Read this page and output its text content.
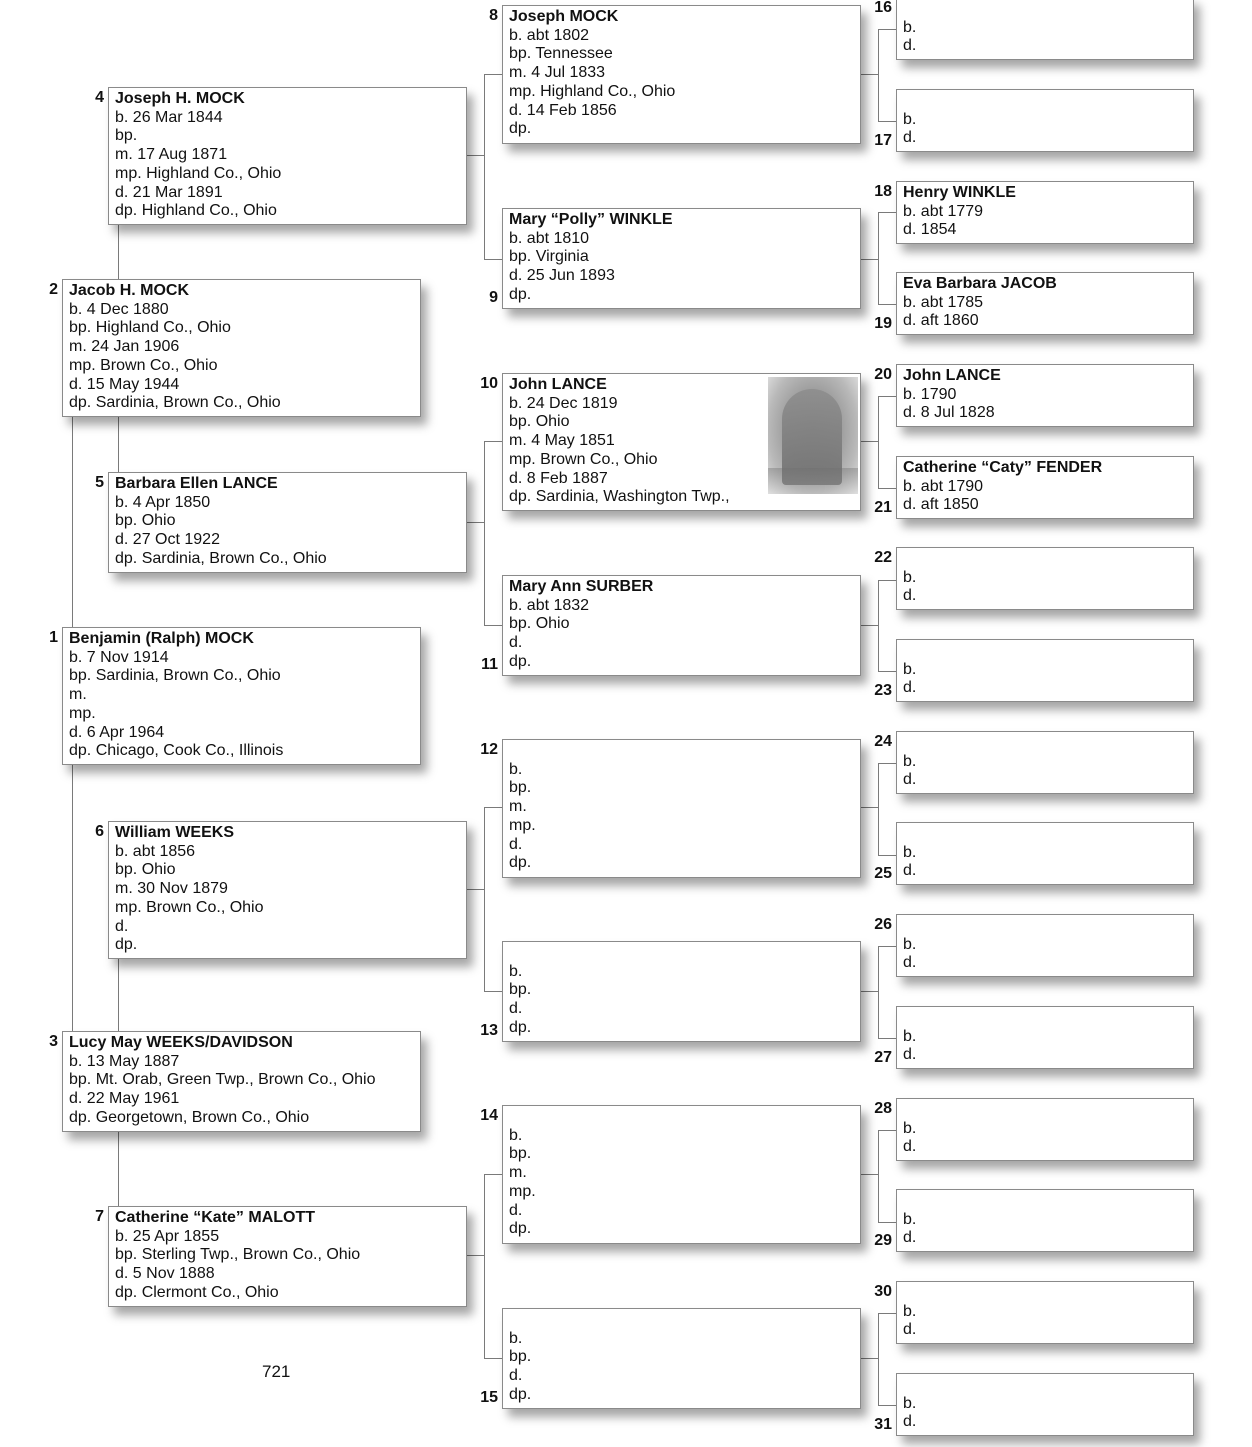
Benjamin (Ralph) MOCK
b. 7 Nov 1914
bp. Sardinia, Brown Co., Ohio
m.
mp.
d. 6 Apr 1964
dp. Chicago, Cook Co., Illinois
1
Jacob H. MOCK
b. 4 Dec 1880
bp. Highland Co., Ohio
m. 24 Jan 1906
mp. Brown Co., Ohio
d. 15 May 1944
dp. Sardinia, Brown Co., Ohio
2
Lucy May WEEKS/DAVIDSON
b. 13 May 1887
bp. Mt. Orab, Green Twp., Brown Co., Ohio
d. 22 May 1961
dp. Georgetown, Brown Co., Ohio
3
Joseph H. MOCK
b. 26 Mar 1844
bp.
m. 17 Aug 1871
mp. Highland Co., Ohio
d. 21 Mar 1891
dp. Highland Co., Ohio
4
Barbara Ellen LANCE
b. 4 Apr 1850
bp. Ohio
d. 27 Oct 1922
dp. Sardinia, Brown Co., Ohio
5
William WEEKS
b. abt 1856
bp. Ohio
m. 30 Nov 1879
mp. Brown Co., Ohio
d.
dp.
6
Catherine “Kate” MALOTT
b. 25 Apr 1855
bp. Sterling Twp., Brown Co., Ohio
d. 5 Nov 1888
dp. Clermont Co., Ohio
7
Joseph MOCK
b. abt 1802
bp. Tennessee
m. 4 Jul 1833
mp. Highland Co., Ohio
d. 14 Feb 1856
dp.
8
Mary “Polly” WINKLE
b. abt 1810
bp. Virginia
d. 25 Jun 1893
dp.
9
John LANCE
b. 24 Dec 1819
bp. Ohio
m. 4 May 1851
mp. Brown Co., Ohio
d. 8 Feb 1887
dp. Sardinia, Washington Twp.,
10
Mary Ann SURBER
b. abt 1832
bp. Ohio
d.
dp.
11
b.
bp.
m.
mp.
d.
dp.
12
b.
bp.
d.
dp.
13
b.
bp.
m.
mp.
d.
dp.
14
b.
bp.
d.
dp.
15
b.
d.
16
b.
d.
17
Henry WINKLE
b. abt 1779
d. 1854
18
Eva Barbara JACOB
b. abt 1785
d. aft 1860
19
John LANCE
b. 1790
d. 8 Jul 1828
20
Catherine “Caty” FENDER
b. abt 1790
d. aft 1850
21
b.
d.
22
b.
d.
23
b.
d.
24
b.
d.
25
b.
d.
26
b.
d.
27
b.
d.
28
b.
d.
29
b.
d.
30
b.
d.
31
721
